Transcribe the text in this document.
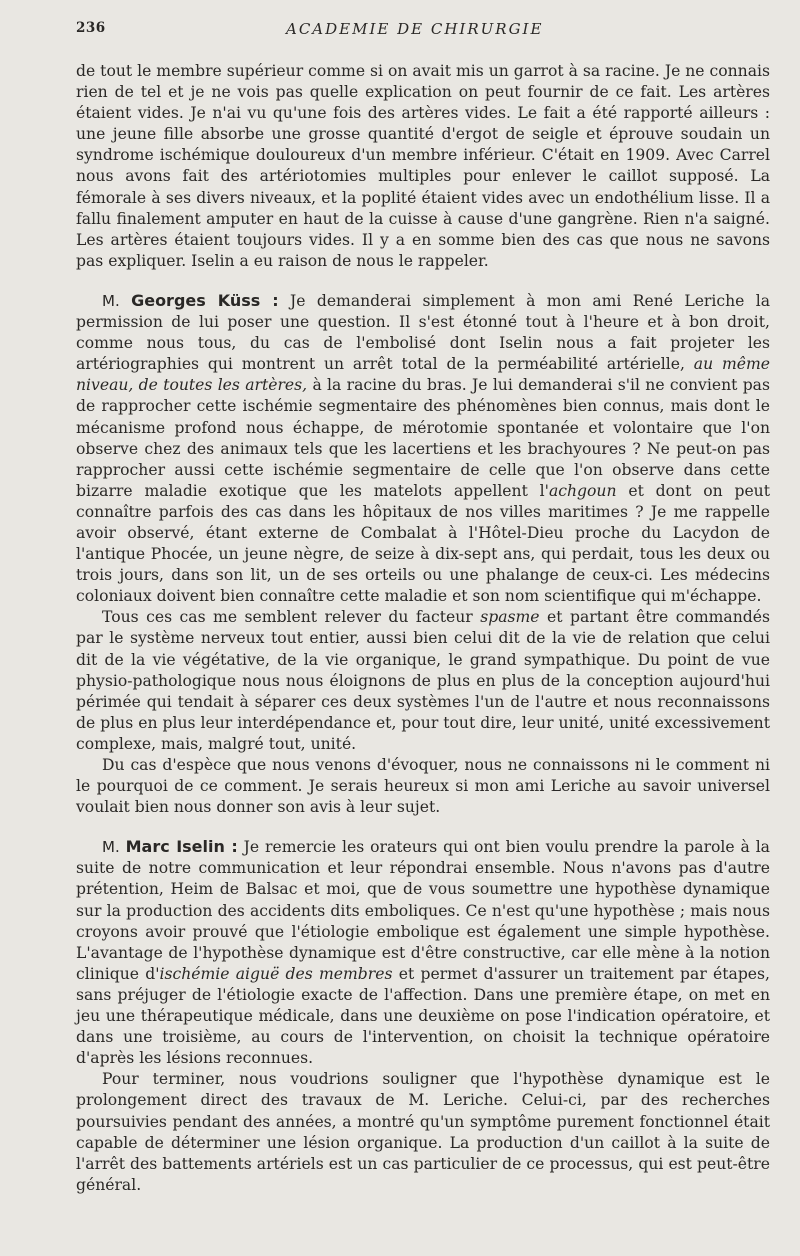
236	ACADEMIE DE CHIRURGIE

de tout le membre supérieur comme si on avait mis un garrot à sa racine. Je ne connais rien de tel et je ne vois pas quelle explication on peut fournir de ce fait. Les artères étaient vides. Je n'ai vu qu'une fois des artères vides. Le fait a été rapporté ailleurs : une jeune fille absorbe une grosse quantité d'ergot de seigle et éprouve soudain un syndrome ischémique douloureux d'un membre inférieur. C'était en 1909. Avec Carrel nous avons fait des artériotomies multiples pour enlever le caillot supposé. La fémorale à ses divers niveaux, et la poplité étaient vides avec un endothélium lisse. Il a fallu finalement amputer en haut de la cuisse à cause d'une gangrène. Rien n'a saigné. Les artères étaient toujours vides. Il y a en somme bien des cas que nous ne savons pas expliquer. Iselin a eu raison de nous le rappeler.

M. Georges Küss : Je demanderai simplement à mon ami René Leriche la permission de lui poser une question. Il s'est étonné tout à l'heure et à bon droit, comme nous tous, du cas de l'embolisé dont Iselin nous a fait projeter les artériographies qui montrent un arrêt total de la perméabilité artérielle, au même niveau, de toutes les artères, à la racine du bras. Je lui demanderai s'il ne convient pas de rapprocher cette ischémie segmentaire des phénomènes bien connus, mais dont le mécanisme profond nous échappe, de mérotomie spontanée et volontaire que l'on observe chez des animaux tels que les lacertiens et les brachyoures ? Ne peut-on pas rapprocher aussi cette ischémie segmentaire de celle que l'on observe dans cette bizarre maladie exotique que les matelots appellent l'achgoun et dont on peut connaître parfois des cas dans les hôpitaux de nos villes maritimes ? Je me rappelle avoir observé, étant externe de Combalat à l'Hôtel-Dieu proche du Lacydon de l'antique Phocée, un jeune nègre, de seize à dix-sept ans, qui perdait, tous les deux ou trois jours, dans son lit, un de ses orteils ou une phalange de ceux-ci. Les médecins coloniaux doivent bien connaître cette maladie et son nom scientifique qui m'échappe.

Tous ces cas me semblent relever du facteur spasme et partant être commandés par le système nerveux tout entier, aussi bien celui dit de la vie de relation que celui dit de la vie végétative, de la vie organique, le grand sympathique. Du point de vue physio-pathologique nous nous éloignons de plus en plus de la conception aujourd'hui périmée qui tendait à séparer ces deux systèmes l'un de l'autre et nous reconnaissons de plus en plus leur interdépendance et, pour tout dire, leur unité, unité excessivement complexe, mais, malgré tout, unité.

Du cas d'espèce que nous venons d'évoquer, nous ne connaissons ni le comment ni le pourquoi de ce comment. Je serais heureux si mon ami Leriche au savoir universel voulait bien nous donner son avis à leur sujet.

M. Marc Iselin : Je remercie les orateurs qui ont bien voulu prendre la parole à la suite de notre communication et leur répondrai ensemble. Nous n'avons pas d'autre prétention, Heim de Balsac et moi, que de vous soumettre une hypothèse dynamique sur la production des accidents dits emboliques. Ce n'est qu'une hypothèse ; mais nous croyons avoir prouvé que l'étiologie embolique est également une simple hypothèse. L'avantage de l'hypothèse dynamique est d'être constructive, car elle mène à la notion clinique d'ischémie aiguë des membres et permet d'assurer un traitement par étapes, sans préjuger de l'étiologie exacte de l'affection. Dans une première étape, on met en jeu une thérapeutique médicale, dans une deuxième on pose l'indication opératoire, et dans une troisième, au cours de l'intervention, on choisit la technique opératoire d'après les lésions reconnues.

Pour terminer, nous voudrions souligner que l'hypothèse dynamique est le prolongement direct des travaux de M. Leriche. Celui-ci, par des recherches poursuivies pendant des années, a montré qu'un symptôme purement fonctionnel était capable de déterminer une lésion organique. La production d'un caillot à la suite de l'arrêt des battements artériels est un cas particulier de ce processus, qui est peut-être général.
